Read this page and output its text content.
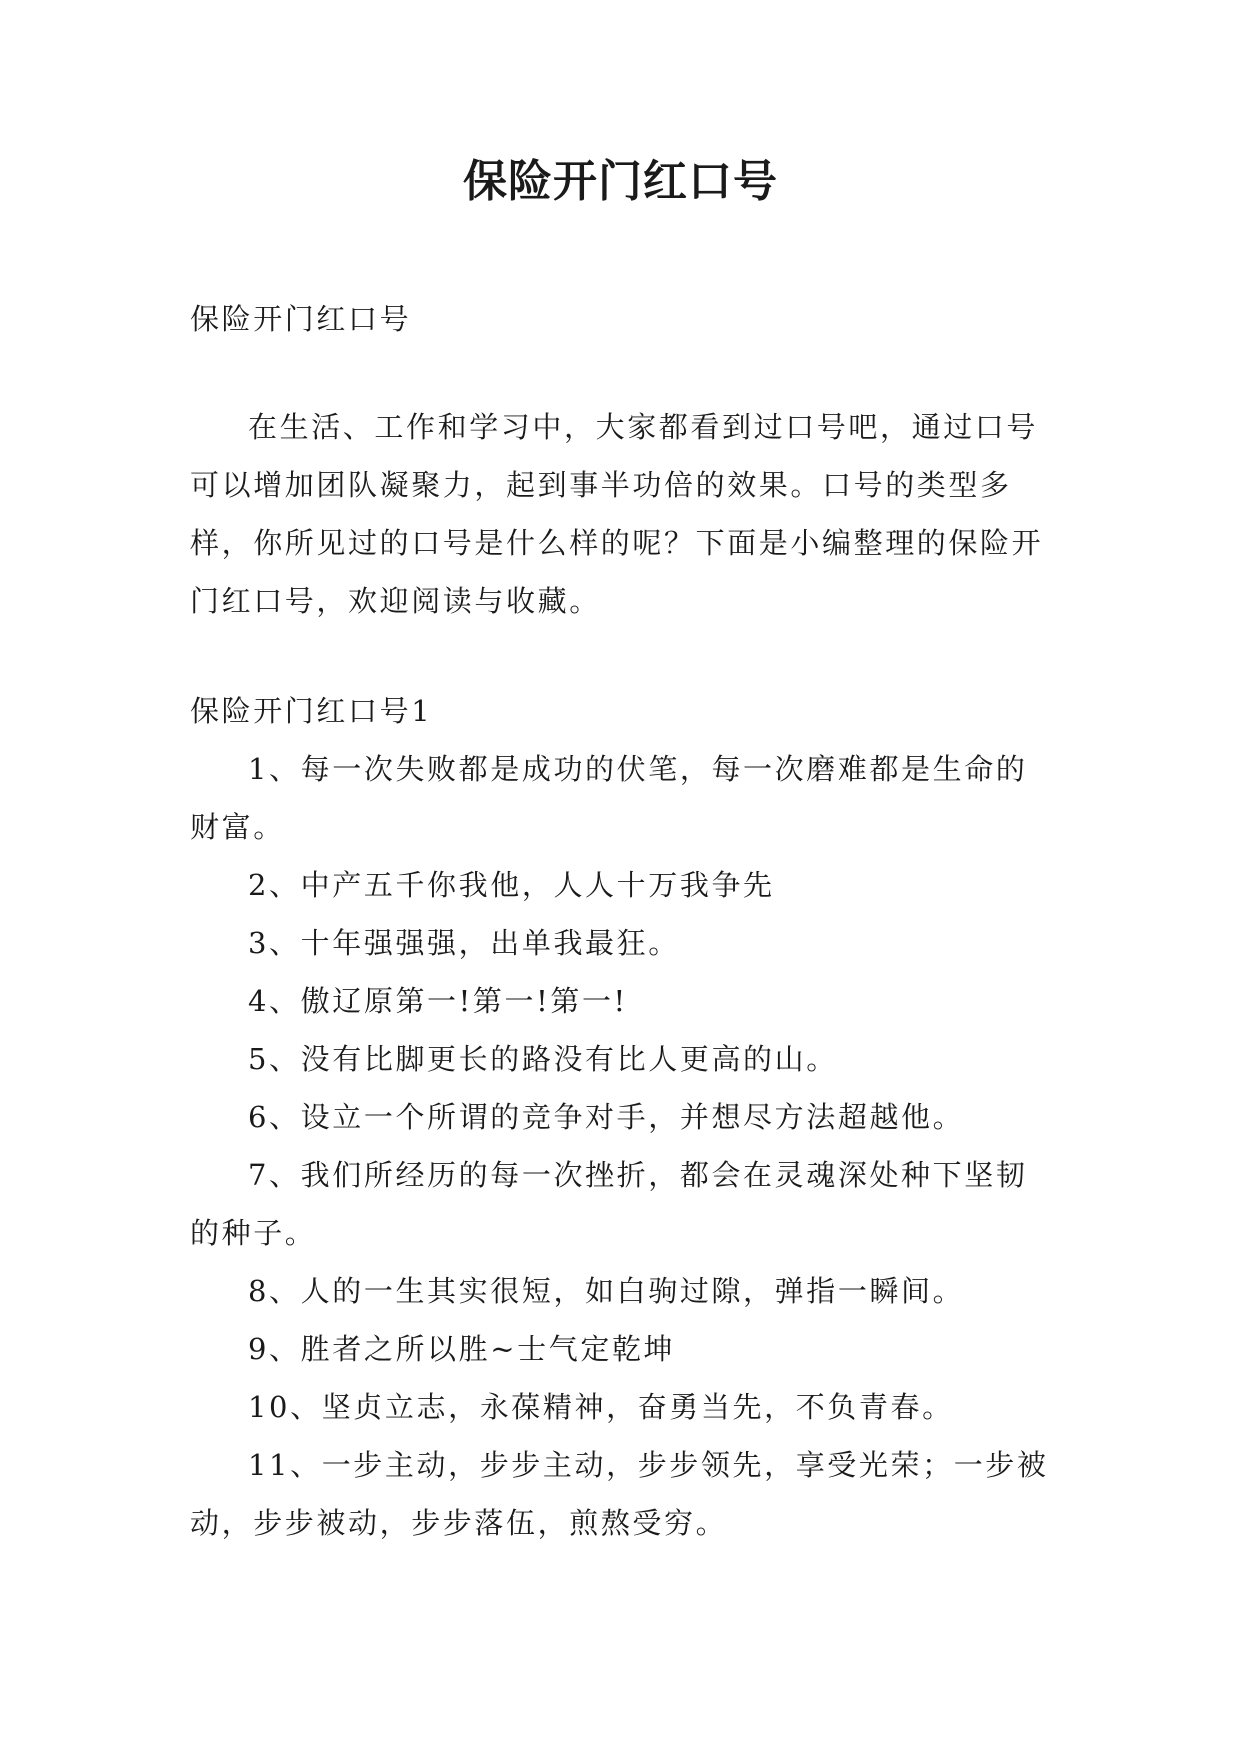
保险开门红口号

保险开门红口号

在生活、工作和学习中，大家都看到过口号吧，通过口号可以增加团队凝聚力，起到事半功倍的效果。口号的类型多样，你所见过的口号是什么样的呢？下面是小编整理的保险开门红口号，欢迎阅读与收藏。

保险开门红口号1

1、每一次失败都是成功的伏笔，每一次磨难都是生命的财富。

2、中产五千你我他，人人十万我争先

3、十年强强强，出单我最狂。

4、傲辽原第一!第一!第一!

5、没有比脚更长的路没有比人更高的山。

6、设立一个所谓的竞争对手，并想尽方法超越他。

7、我们所经历的每一次挫折，都会在灵魂深处种下坚韧的种子。

8、人的一生其实很短，如白驹过隙，弹指一瞬间。

9、胜者之所以胜~士气定乾坤

10、坚贞立志，永葆精神，奋勇当先，不负青春。

11、一步主动，步步主动，步步领先，享受光荣；一步被动，步步被动，步步落伍，煎熬受穷。
